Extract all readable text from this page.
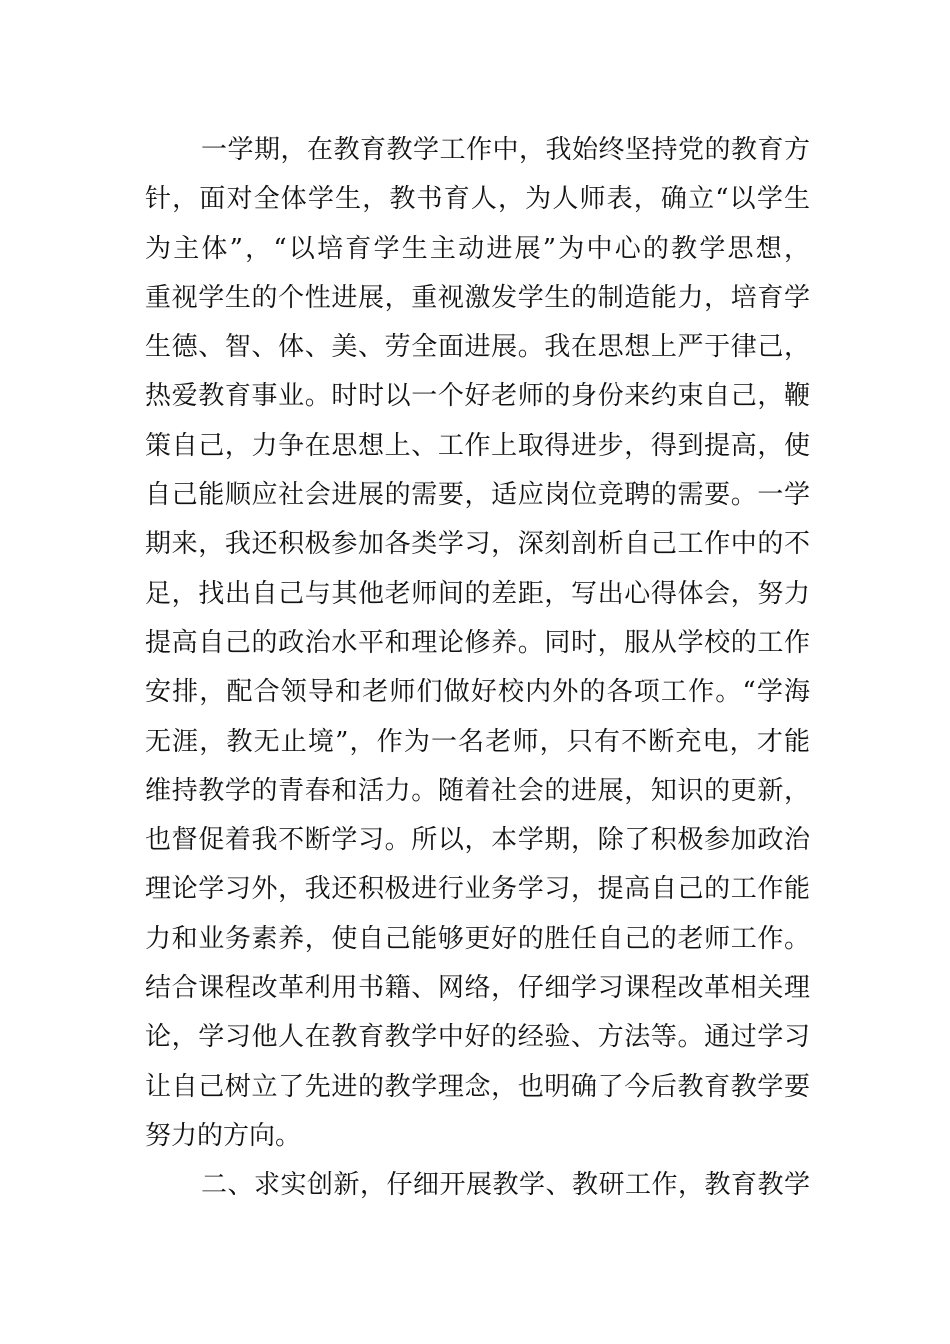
一学期，在教育教学工作中，我始终坚持党的教育方
针，面对全体学生，教书育人，为人师表，确立“以学生
为主体”，“以培育学生主动进展”为中心的教学思想，
重视学生的个性进展，重视激发学生的制造能力，培育学
生德、智、体、美、劳全面进展。我在思想上严于律己，
热爱教育事业。时时以一个好老师的身份来约束自己，鞭
策自己，力争在思想上、工作上取得进步，得到提高，使
自己能顺应社会进展的需要，适应岗位竞聘的需要。一学
期来，我还积极参加各类学习，深刻剖析自己工作中的不
足，找出自己与其他老师间的差距，写出心得体会，努力
提高自己的政治水平和理论修养。同时，服从学校的工作
安排，配合领导和老师们做好校内外的各项工作。“学海
无涯，教无止境”，作为一名老师，只有不断充电，才能
维持教学的青春和活力。随着社会的进展，知识的更新，
也督促着我不断学习。所以，本学期，除了积极参加政治
理论学习外，我还积极进行业务学习，提高自己的工作能
力和业务素养，使自己能够更好的胜任自己的老师工作。
结合课程改革利用书籍、网络，仔细学习课程改革相关理
论，学习他人在教育教学中好的经验、方法等。通过学习
让自己树立了先进的教学理念，也明确了今后教育教学要
努力的方向。
二、求实创新，仔细开展教学、教研工作，教育教学
